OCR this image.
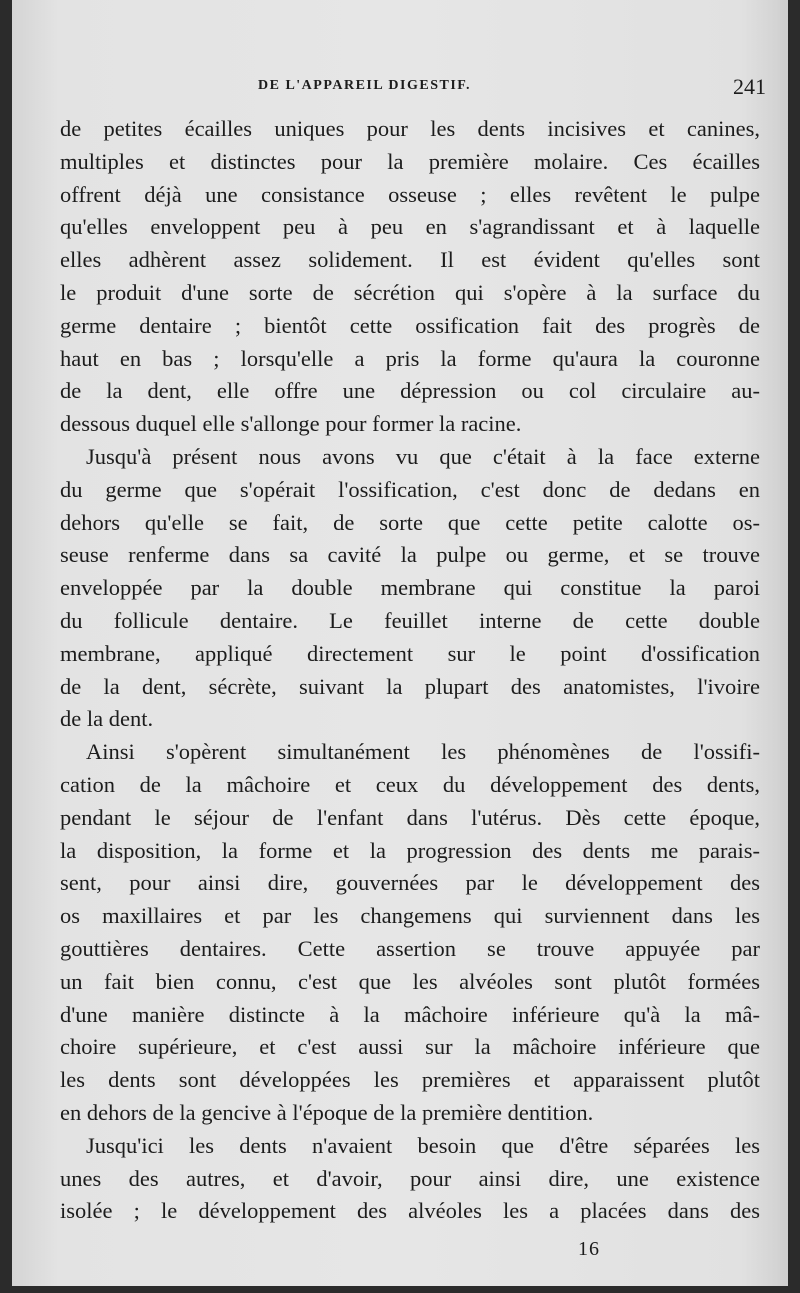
DE L'APPAREIL DIGESTIF.	241
de petites écailles uniques pour les dents incisives et canines,
multiples et distinctes pour la première molaire. Ces écailles
offrent déjà une consistance osseuse ; elles revêtent le pulpe
qu'elles enveloppent peu à peu en s'agrandissant et à laquelle
elles adhèrent assez solidement. Il est évident qu'elles sont
le produit d'une sorte de sécrétion qui s'opère à la surface du
germe dentaire ; bientôt cette ossification fait des progrès de
haut en bas ; lorsqu'elle a pris la forme qu'aura la couronne
de la dent, elle offre une dépression ou col circulaire au-
dessous duquel elle s'allonge pour former la racine.
Jusqu'à présent nous avons vu que c'était à la face externe
du germe que s'opérait l'ossification, c'est donc de dedans en
dehors qu'elle se fait, de sorte que cette petite calotte os-
seuse renferme dans sa cavité la pulpe ou germe, et se trouve
enveloppée par la double membrane qui constitue la paroi
du follicule dentaire. Le feuillet interne de cette double
membrane, appliqué directement sur le point d'ossification
de la dent, sécrète, suivant la plupart des anatomistes, l'ivoire
de la dent.
Ainsi s'opèrent simultanément les phénomènes de l'ossifi-
cation de la mâchoire et ceux du développement des dents,
pendant le séjour de l'enfant dans l'utérus. Dès cette époque,
la disposition, la forme et la progression des dents me parais-
sent, pour ainsi dire, gouvernées par le développement des
os maxillaires et par les changemens qui surviennent dans les
gouttières dentaires. Cette assertion se trouve appuyée par
un fait bien connu, c'est que les alvéoles sont plutôt formées
d'une manière distincte à la mâchoire inférieure qu'à la mâ-
choire supérieure, et c'est aussi sur la mâchoire inférieure que
les dents sont développées les premières et apparaissent plutôt
en dehors de la gencive à l'époque de la première dentition.
Jusqu'ici les dents n'avaient besoin que d'être séparées les
unes des autres, et d'avoir, pour ainsi dire, une existence
isolée ; le développement des alvéoles les a placées dans des
16
